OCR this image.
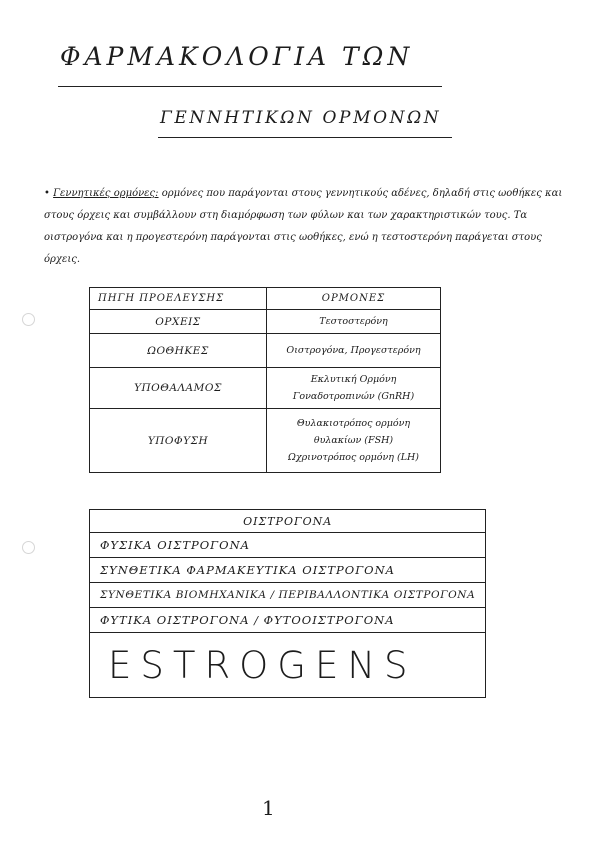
ΦΑΡΜΑΚΟΛΟΓΙΑ ΤΩΝ
ΓΕΝΝΗΤΙΚΩΝ ΟΡΜΟΝΩΝ
• Γεννητικές ορμόνες: ορμόνες που παράγονται στους γεννητικούς αδένες, δηλαδή στις ωοθήκες και στους όρχεις και συμβάλλουν στη διαμόρφωση των φύλων και των χαρακτηριστικών τους. Τα οιστρογόνα και η προγεστερόνη παράγονται στις ωοθήκες, ενώ η τεστοστερόνη παράγεται στους όρχεις.
ΠΗΓΗ ΠΡΟΕΛΕΥΣΗΣ	ΟΡΜΟΝΕΣ
ΟΡΧΕΙΣ	Τεστοστερόνη
ΩΟΘΗΚΕΣ	Οιστρογόνα, Προγεστερόνη
ΥΠΟΘΑΛΑΜΟΣ	Εκλυτική Ορμόνη Γοναδοτροπινών (GnRH)
ΥΠΟΦΥΣΗ	Θυλακιοτρόπος ορμόνη θυλακίων (FSH)
Ωχρινοτρόπος ορμόνη (LH)
ΟΙΣΤΡΟΓΟΝΑ
ΦΥΣΙΚΑ ΟΙΣΤΡΟΓΟΝΑ
ΣΥΝΘΕΤΙΚΑ ΦΑΡΜΑΚΕΥΤΙΚΑ ΟΙΣΤΡΟΓΟΝΑ
ΣΥΝΘΕΤΙΚΑ ΒΙΟΜΗΧΑΝΙΚΑ / ΠΕΡΙΒΑΛΛΟΝΤΙΚΑ ΟΙΣΤΡΟΓΟΝΑ
ΦΥΤΙΚΑ ΟΙΣΤΡΟΓΟΝΑ / ΦΥΤΟΟΙΣΤΡΟΓΟΝΑ
ESTROGENS
1
